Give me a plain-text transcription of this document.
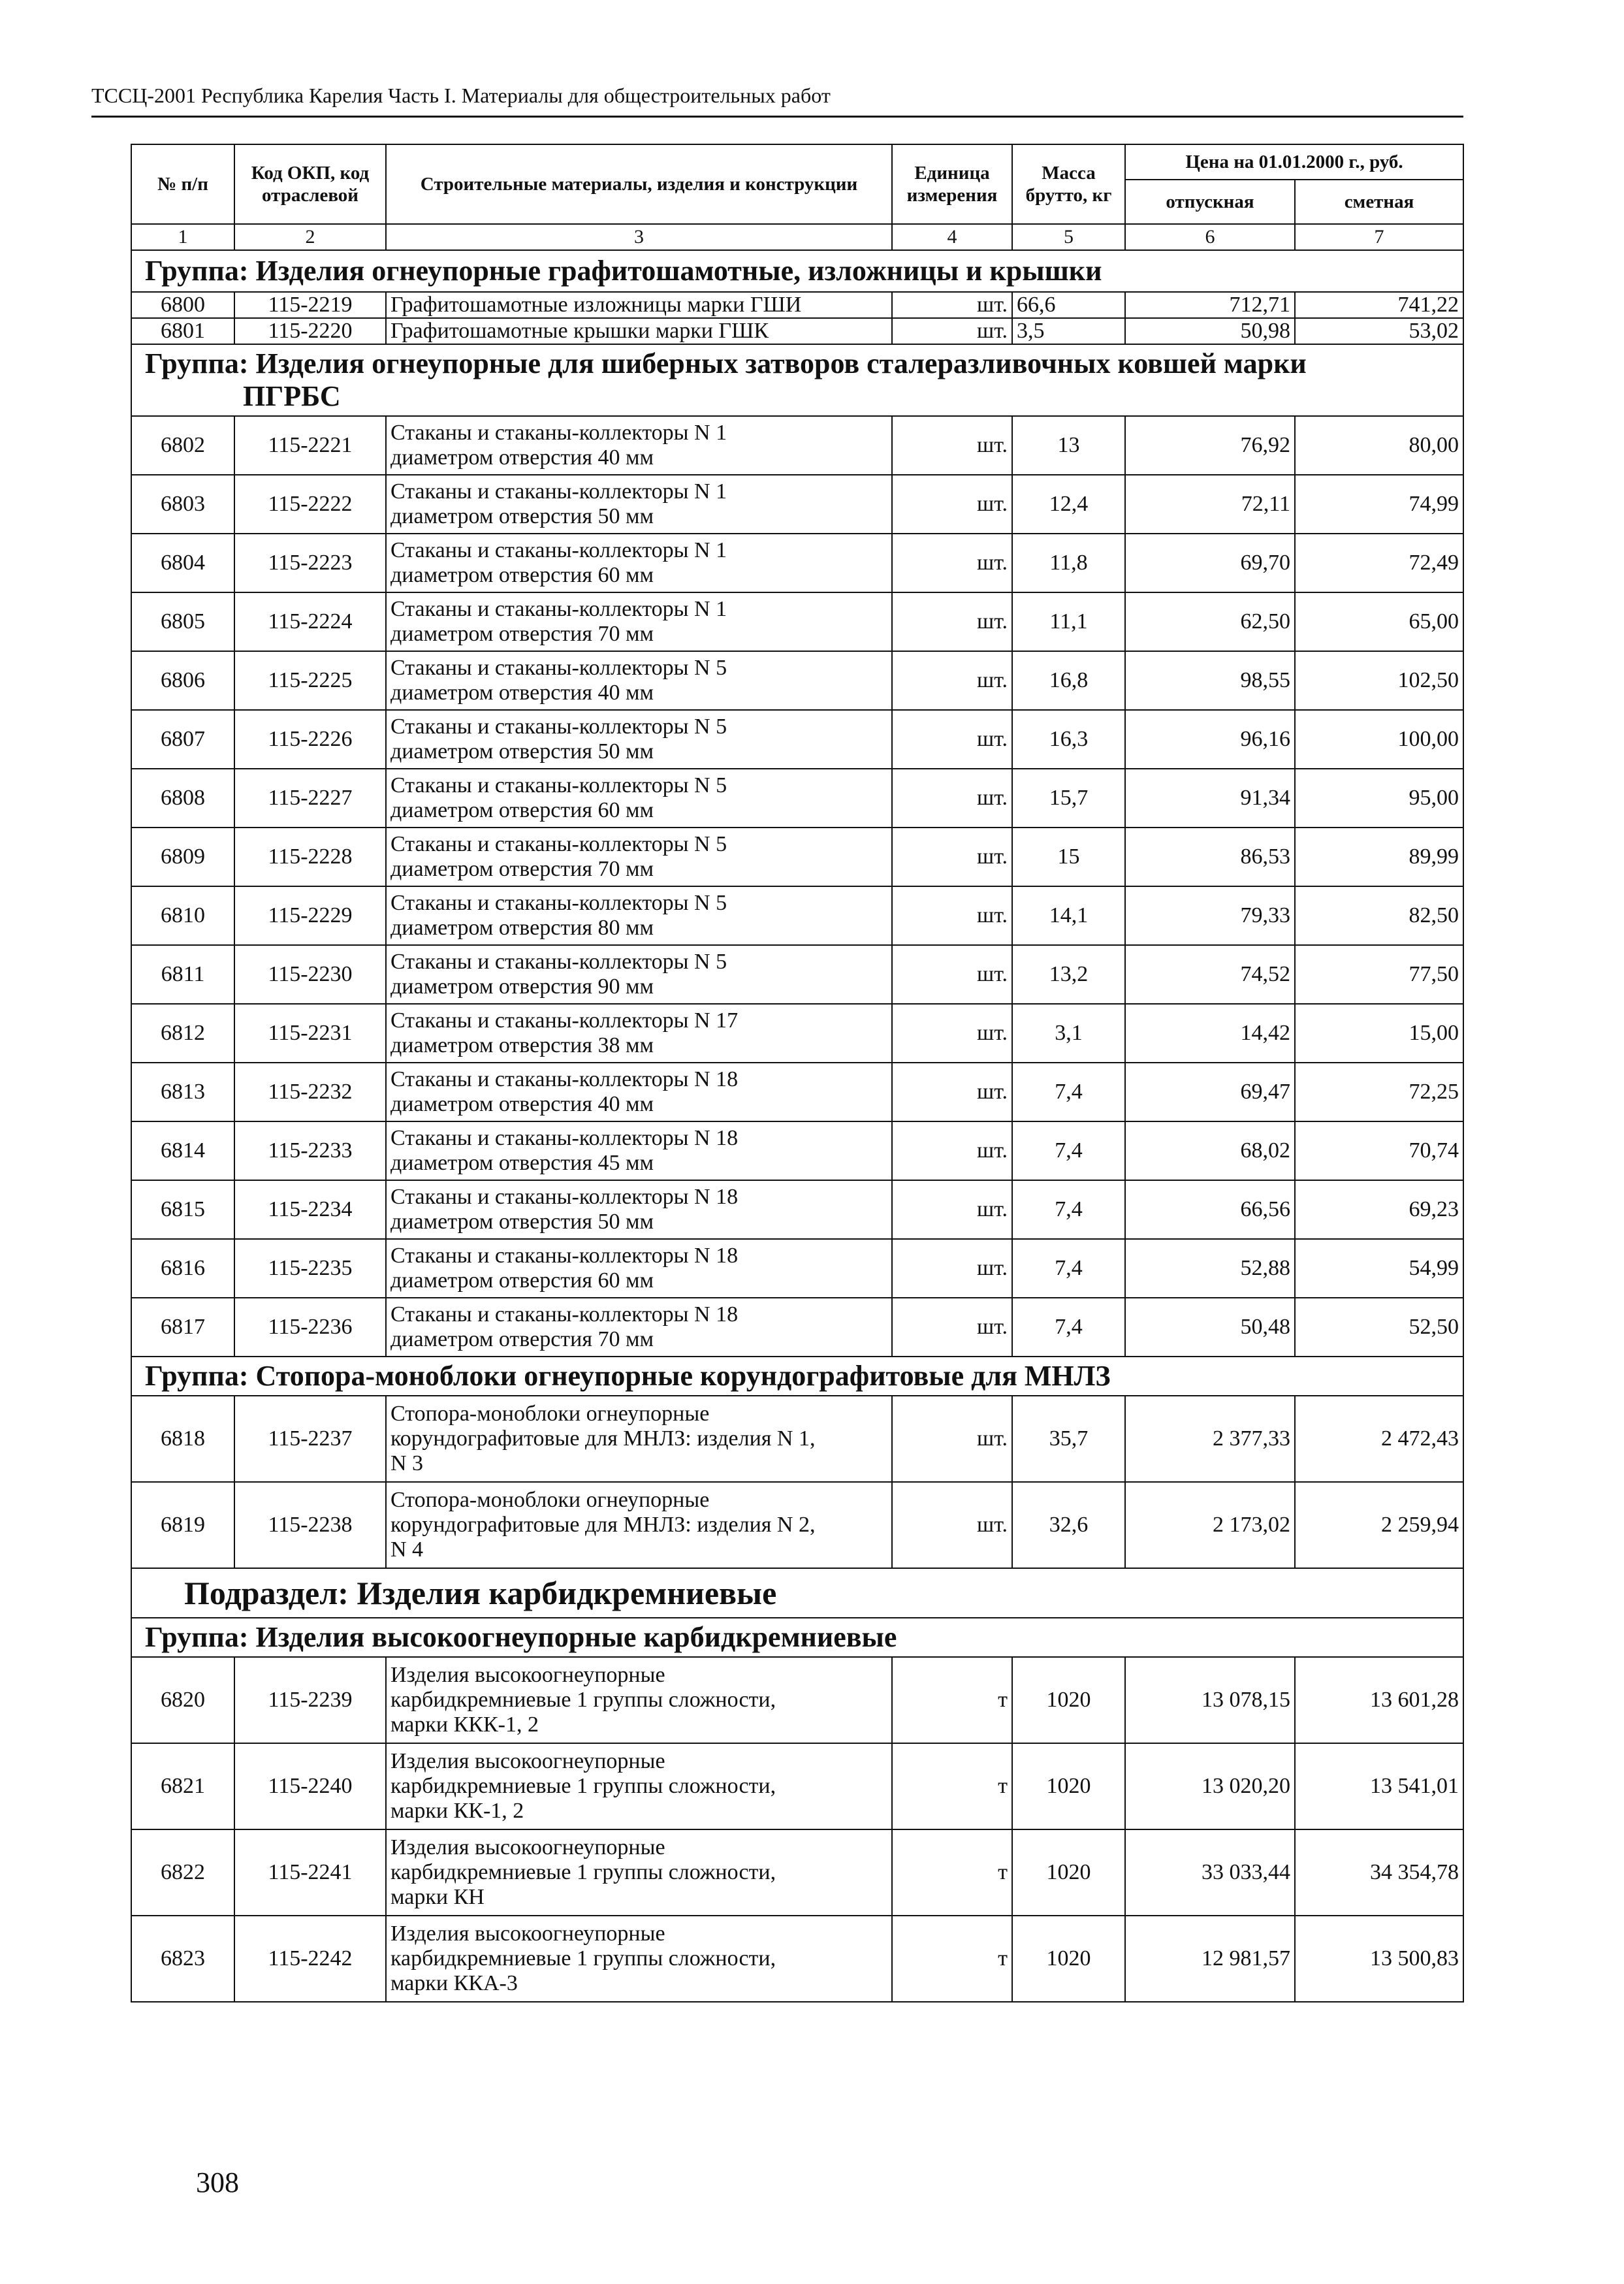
ТССЦ-2001 Республика Карелия Часть I. Материалы для общестроительных работ
№ п/п	Код ОКП, код отраслевой	Строительные материалы, изделия и конструкции	Единица измерения	Масса брутто, кг	Цена на 01.01.2000 г., руб.	
					отпускная	сметная
1	2	3	4	5	6	7
Группа: Изделия огнеупорные графитошамотные, изложницы и крышки						
6800	115-2219	Графитошамотные изложницы марки ГШИ	шт.	66,6	712,71	741,22
6801	115-2220	Графитошамотные крышки марки ГШК	шт.	3,5	50,98	53,02
Группа: Изделия огнеупорные для шиберных затворов сталеразливочных ковшей марки
ПГРБС						
6802	115-2221	Стаканы и стаканы-коллекторы N 1
диаметром отверстия 40 мм	шт.	13	76,92	80,00
6803	115-2222	Стаканы и стаканы-коллекторы N 1
диаметром отверстия 50 мм	шт.	12,4	72,11	74,99
6804	115-2223	Стаканы и стаканы-коллекторы N 1
диаметром отверстия 60 мм	шт.	11,8	69,70	72,49
6805	115-2224	Стаканы и стаканы-коллекторы N 1
диаметром отверстия 70 мм	шт.	11,1	62,50	65,00
6806	115-2225	Стаканы и стаканы-коллекторы N 5
диаметром отверстия 40 мм	шт.	16,8	98,55	102,50
6807	115-2226	Стаканы и стаканы-коллекторы N 5
диаметром отверстия 50 мм	шт.	16,3	96,16	100,00
6808	115-2227	Стаканы и стаканы-коллекторы N 5
диаметром отверстия 60 мм	шт.	15,7	91,34	95,00
6809	115-2228	Стаканы и стаканы-коллекторы N 5
диаметром отверстия 70 мм	шт.	15	86,53	89,99
6810	115-2229	Стаканы и стаканы-коллекторы N 5
диаметром отверстия 80 мм	шт.	14,1	79,33	82,50
6811	115-2230	Стаканы и стаканы-коллекторы N 5
диаметром отверстия 90 мм	шт.	13,2	74,52	77,50
6812	115-2231	Стаканы и стаканы-коллекторы N 17
диаметром отверстия 38 мм	шт.	3,1	14,42	15,00
6813	115-2232	Стаканы и стаканы-коллекторы N 18
диаметром отверстия 40 мм	шт.	7,4	69,47	72,25
6814	115-2233	Стаканы и стаканы-коллекторы N 18
диаметром отверстия 45 мм	шт.	7,4	68,02	70,74
6815	115-2234	Стаканы и стаканы-коллекторы N 18
диаметром отверстия 50 мм	шт.	7,4	66,56	69,23
6816	115-2235	Стаканы и стаканы-коллекторы N 18
диаметром отверстия 60 мм	шт.	7,4	52,88	54,99
6817	115-2236	Стаканы и стаканы-коллекторы N 18
диаметром отверстия 70 мм	шт.	7,4	50,48	52,50
Группа: Стопора-моноблоки огнеупорные корундографитовые для МНЛЗ						
6818	115-2237	Стопора-моноблоки огнеупорные
корундографитовые для МНЛЗ: изделия N 1,
N 3	шт.	35,7	2 377,33	2 472,43
6819	115-2238	Стопора-моноблоки огнеупорные
корундографитовые для МНЛЗ: изделия N 2,
N 4	шт.	32,6	2 173,02	2 259,94
Подраздел: Изделия карбидкремниевые						
Группа: Изделия высокоогнеупорные карбидкремниевые						
6820	115-2239	Изделия высокоогнеупорные
карбидкремниевые 1 группы сложности,
марки ККК-1, 2	т	1020	13 078,15	13 601,28
6821	115-2240	Изделия высокоогнеупорные
карбидкремниевые 1 группы сложности,
марки КК-1, 2	т	1020	13 020,20	13 541,01
6822	115-2241	Изделия высокоогнеупорные
карбидкремниевые 1 группы сложности,
марки КН	т	1020	33 033,44	34 354,78
6823	115-2242	Изделия высокоогнеупорные
карбидкремниевые 1 группы сложности,
марки ККА-3	т	1020	12 981,57	13 500,83
308
